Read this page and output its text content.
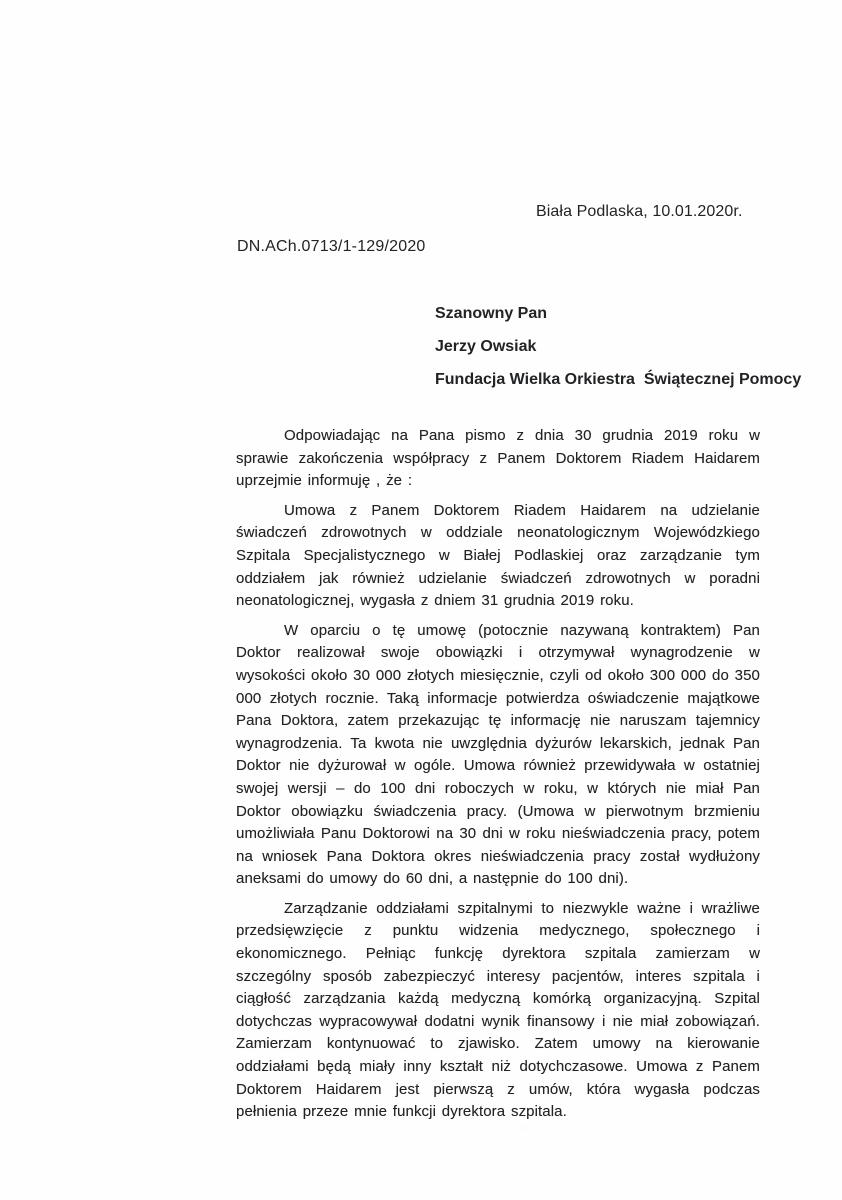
Biała Podlaska, 10.01.2020r.
DN.ACh.0713/1-129/2020

Szanowny Pan

Jerzy Owsiak

Fundacja Wielka Orkiestra  Świątecznej Pomocy

Odpowiadając na Pana pismo z dnia 30 grudnia 2019 roku w sprawie zakończenia współpracy z Panem Doktorem Riadem Haidarem uprzejmie informuję , że :

Umowa z Panem Doktorem Riadem Haidarem na udzielanie świadczeń zdrowotnych w oddziale neonatologicznym Wojewódzkiego Szpitala Specjalistycznego w Białej Podlaskiej oraz zarządzanie tym oddziałem jak również udzielanie świadczeń zdrowotnych w poradni neonatologicznej, wygasła z dniem 31 grudnia 2019 roku.

W oparciu o tę umowę (potocznie nazywaną kontraktem) Pan Doktor realizował swoje obowiązki i otrzymywał wynagrodzenie w wysokości około 30 000 złotych miesięcznie, czyli od około 300 000 do 350 000 złotych rocznie. Taką informacje potwierdza oświadczenie majątkowe Pana Doktora, zatem przekazując tę informację nie naruszam tajemnicy wynagrodzenia. Ta kwota nie uwzględnia dyżurów lekarskich, jednak Pan Doktor nie dyżurował w ogóle. Umowa również przewidywała w ostatniej swojej wersji – do 100 dni roboczych w roku, w których nie miał Pan Doktor obowiązku świadczenia pracy. (Umowa w pierwotnym brzmieniu umożliwiała Panu Doktorowi na 30 dni w roku nieświadczenia pracy, potem na wniosek Pana Doktora okres nieświadczenia pracy został wydłużony aneksami do umowy do 60 dni, a następnie do 100 dni).

Zarządzanie oddziałami szpitalnymi to niezwykle ważne i wrażliwe przedsięwzięcie z punktu widzenia medycznego, społecznego i ekonomicznego. Pełniąc funkcję dyrektora szpitala zamierzam w szczególny sposób zabezpieczyć interesy pacjentów, interes szpitala i ciągłość zarządzania każdą medyczną komórką organizacyjną. Szpital dotychczas wypracowywał dodatni wynik finansowy i nie miał zobowiązań. Zamierzam kontynuować to zjawisko. Zatem umowy na kierowanie oddziałami będą miały inny kształt niż dotychczasowe. Umowa z Panem Doktorem Haidarem jest pierwszą z umów, która wygasła podczas pełnienia przeze mnie funkcji dyrektora szpitala.
